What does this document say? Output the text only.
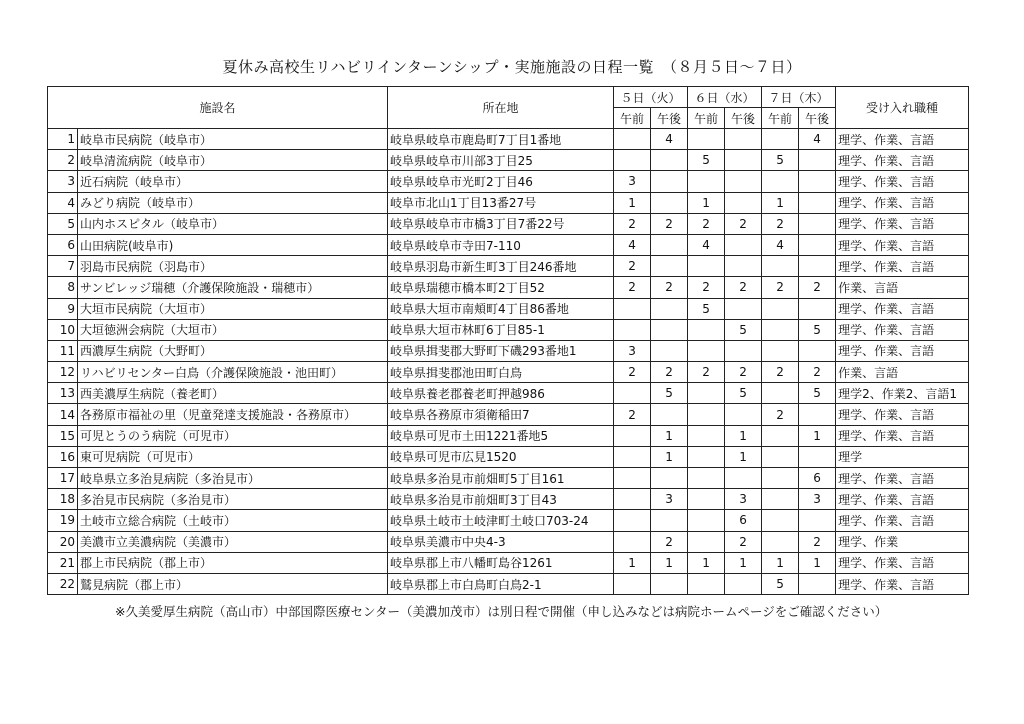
夏休み高校生リハビリインターンシップ・実施施設の日程一覧　（８月５日〜７日）
施設名		所在地	５日（火）		６日（水）		７日（木）		受け入れ職種
			午前	午後	午前	午後	午前	午後	
1	岐阜市民病院（岐阜市）	岐阜県岐阜市鹿島町7丁目1番地		4				4	理学、作業、言語
2	岐阜清流病院（岐阜市）	岐阜県岐阜市川部3丁目25			5		5		理学、作業、言語
3	近石病院（岐阜市）	岐阜県岐阜市光町2丁目46	3						理学、作業、言語
4	みどり病院（岐阜市）	岐阜市北山1丁目13番27号	1		1		1		理学、作業、言語
5	山内ホスピタル（岐阜市）	岐阜県岐阜市市橋3丁目7番22号	2	2	2	2	2		理学、作業、言語
6	山田病院(岐阜市)	岐阜県岐阜市寺田7-110	4		4		4		理学、作業、言語
7	羽島市民病院（羽島市）	岐阜県羽島市新生町3丁目246番地	2						理学、作業、言語
8	サンビレッジ瑞穂（介護保険施設・瑞穂市）	岐阜県瑞穂市橋本町2丁目52	2	2	2	2	2	2	作業、言語
9	大垣市民病院（大垣市）	岐阜県大垣市南頬町4丁目86番地			5				理学、作業、言語
10	大垣徳洲会病院（大垣市）	岐阜県大垣市林町6丁目85-1				5		5	理学、作業、言語
11	西濃厚生病院（大野町）	岐阜県揖斐郡大野町下磯293番地1	3						理学、作業、言語
12	リハビリセンター白鳥（介護保険施設・池田町）	岐阜県揖斐郡池田町白鳥	2	2	2	2	2	2	作業、言語
13	西美濃厚生病院（養老町）	岐阜県養老郡養老町押越986		5		5		5	理学2、作業2、言語1
14	各務原市福祉の里（児童発達支援施設・各務原市）	岐阜県各務原市須衛稲田7	2				2		理学、作業、言語
15	可児とうのう病院（可児市）	岐阜県可児市土田1221番地5		1		1		1	理学、作業、言語
16	東可児病院（可児市）	岐阜県可児市広見1520		1		1			理学
17	岐阜県立多治見病院（多治見市）	岐阜県多治見市前畑町5丁目161						6	理学、作業、言語
18	多治見市民病院（多治見市）	岐阜県多治見市前畑町3丁目43		3		3		3	理学、作業、言語
19	土岐市立総合病院（土岐市）	岐阜県土岐市土岐津町土岐口703-24				6			理学、作業、言語
20	美濃市立美濃病院（美濃市）	岐阜県美濃市中央4-3		2		2		2	理学、作業
21	郡上市民病院（郡上市）	岐阜県郡上市八幡町島谷1261	1	1	1	1	1	1	理学、作業、言語
22	鷲見病院（郡上市）	岐阜県郡上市白鳥町白鳥2-1					5		理学、作業、言語
※久美愛厚生病院（高山市）中部国際医療センター（美濃加茂市）は別日程で開催（申し込みなどは病院ホームページをご確認ください）
